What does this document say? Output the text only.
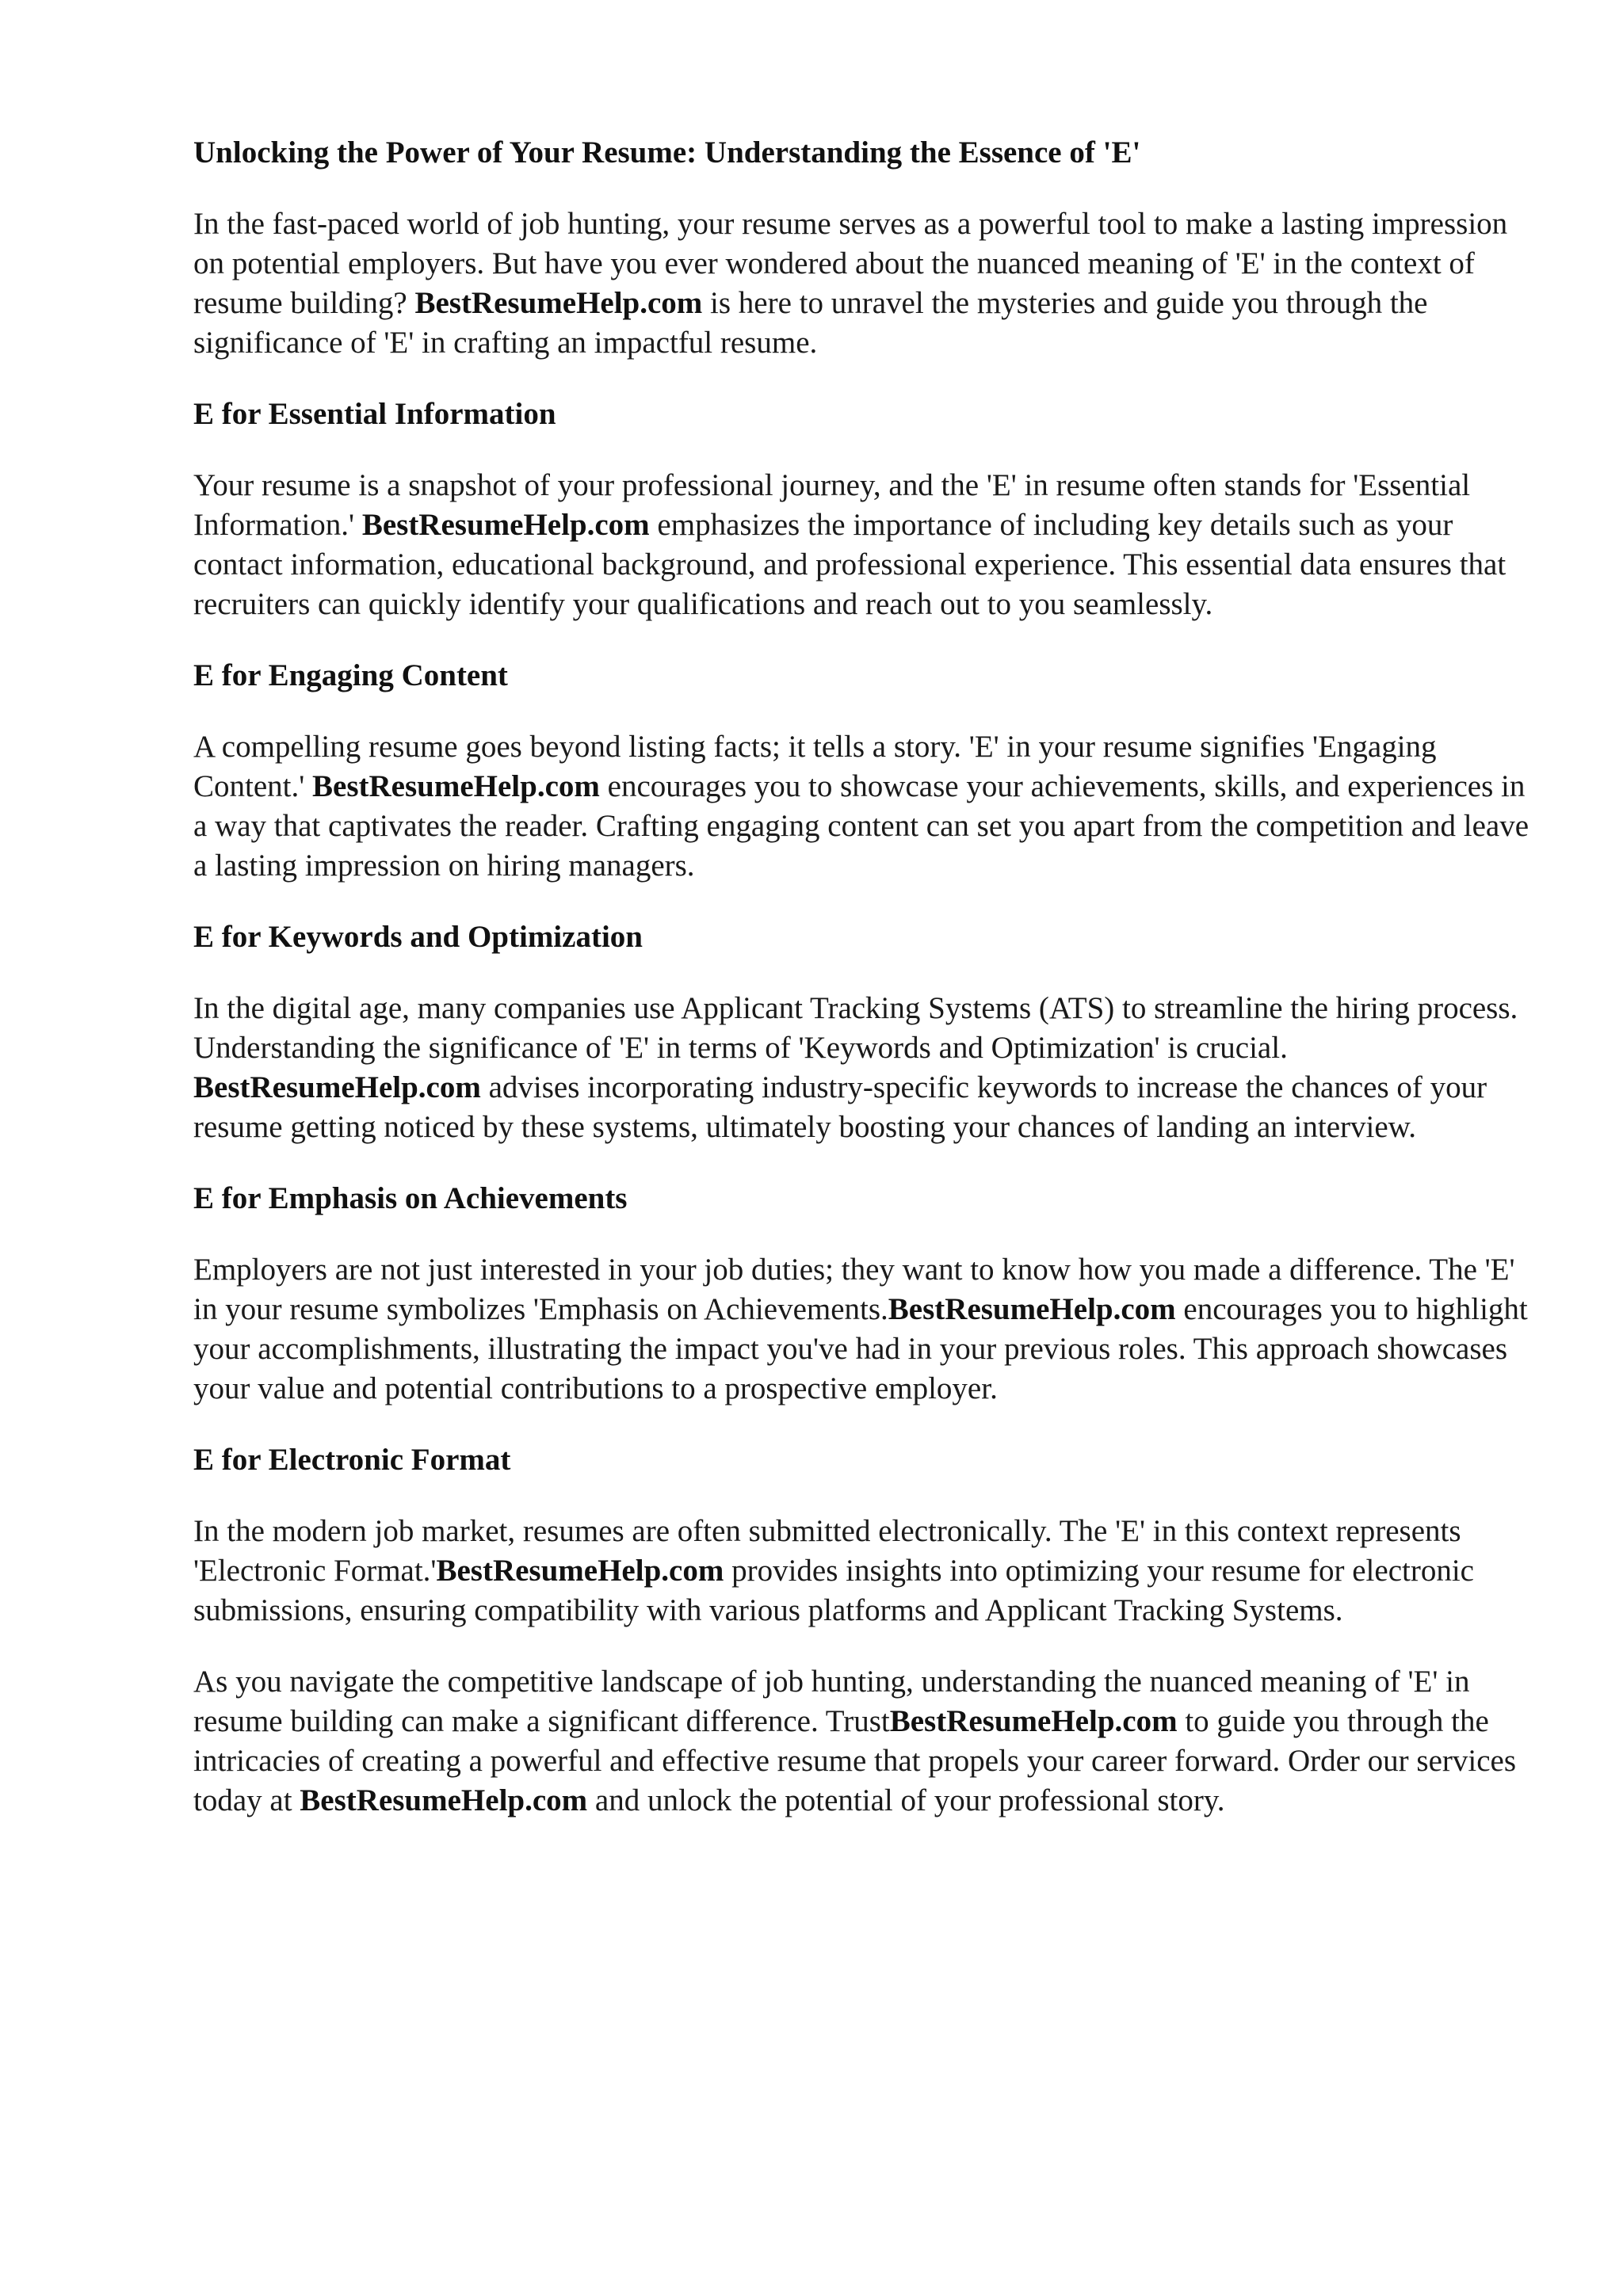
Unlocking the Power of Your Resume: Understanding the Essence of 'E'

In the fast-paced world of job hunting, your resume serves as a powerful tool to make a lasting impression on potential employers. But have you ever wondered about the nuanced meaning of 'E' in the context of resume building? BestResumeHelp.com is here to unravel the mysteries and guide you through the significance of 'E' in crafting an impactful resume.

E for Essential Information

Your resume is a snapshot of your professional journey, and the 'E' in resume often stands for 'Essential Information.' BestResumeHelp.com emphasizes the importance of including key details such as your contact information, educational background, and professional experience. This essential data ensures that recruiters can quickly identify your qualifications and reach out to you seamlessly.

E for Engaging Content

A compelling resume goes beyond listing facts; it tells a story. 'E' in your resume signifies 'Engaging Content.' BestResumeHelp.com encourages you to showcase your achievements, skills, and experiences in a way that captivates the reader. Crafting engaging content can set you apart from the competition and leave a lasting impression on hiring managers.

E for Keywords and Optimization

In the digital age, many companies use Applicant Tracking Systems (ATS) to streamline the hiring process. Understanding the significance of 'E' in terms of 'Keywords and Optimization' is crucial. BestResumeHelp.com advises incorporating industry-specific keywords to increase the chances of your resume getting noticed by these systems, ultimately boosting your chances of landing an interview.

E for Emphasis on Achievements

Employers are not just interested in your job duties; they want to know how you made a difference. The 'E' in your resume symbolizes 'Emphasis on Achievements.BestResumeHelp.com encourages you to highlight your accomplishments, illustrating the impact you've had in your previous roles. This approach showcases your value and potential contributions to a prospective employer.

E for Electronic Format

In the modern job market, resumes are often submitted electronically. The 'E' in this context represents 'Electronic Format.'BestResumeHelp.com provides insights into optimizing your resume for electronic submissions, ensuring compatibility with various platforms and Applicant Tracking Systems.

As you navigate the competitive landscape of job hunting, understanding the nuanced meaning of 'E' in resume building can make a significant difference. TrustBestResumeHelp.com to guide you through the intricacies of creating a powerful and effective resume that propels your career forward. Order our services today at BestResumeHelp.com and unlock the potential of your professional story.
